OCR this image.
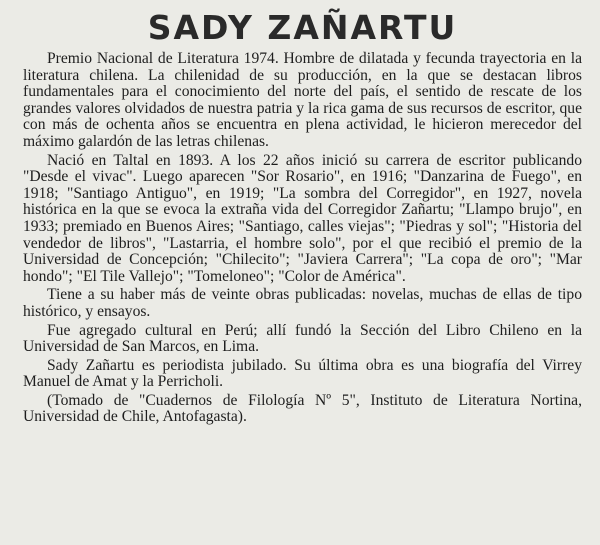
SADY ZAÑARTU

Premio Nacional de Literatura 1974. Hombre de dilatada y fecunda trayectoria en la literatura chilena. La chilenidad de su producción, en la que se destacan libros fundamentales para el conocimiento del norte del país, el sentido de rescate de los grandes valores olvidados de nuestra patria y la rica gama de sus recursos de escritor, que con más de ochenta años se encuentra en plena actividad, le hicieron merecedor del máximo galardón de las letras chilenas.

Nació en Taltal en 1893. A los 22 años inició su carrera de escritor publicando "Desde el vivac". Luego aparecen "Sor Rosario", en 1916; "Danzarina de Fuego", en 1918; "Santiago Antiguo", en 1919; "La sombra del Corregidor", en 1927, novela histórica en la que se evoca la extraña vida del Corregidor Zañartu; "Llampo brujo", en 1933; premiado en Buenos Aires; "Santiago, calles viejas"; "Piedras y sol"; "Historia del vendedor de libros", "Lastarria, el hombre solo", por el que recibió el premio de la Universidad de Concepción; "Chilecito"; "Javiera Carrera"; "La copa de oro"; "Mar hondo"; "El Tile Vallejo"; "Tomeloneo"; "Color de América".

Tiene a su haber más de veinte obras publicadas: novelas, muchas de ellas de tipo histórico, y ensayos.

Fue agregado cultural en Perú; allí fundó la Sección del Libro Chileno en la Universidad de San Marcos, en Lima.

Sady Zañartu es periodista jubilado. Su última obra es una biografía del Virrey Manuel de Amat y la Perricholi.

(Tomado de "Cuadernos de Filología Nº 5", Instituto de Literatura Nortina, Universidad de Chile, Antofagasta).
